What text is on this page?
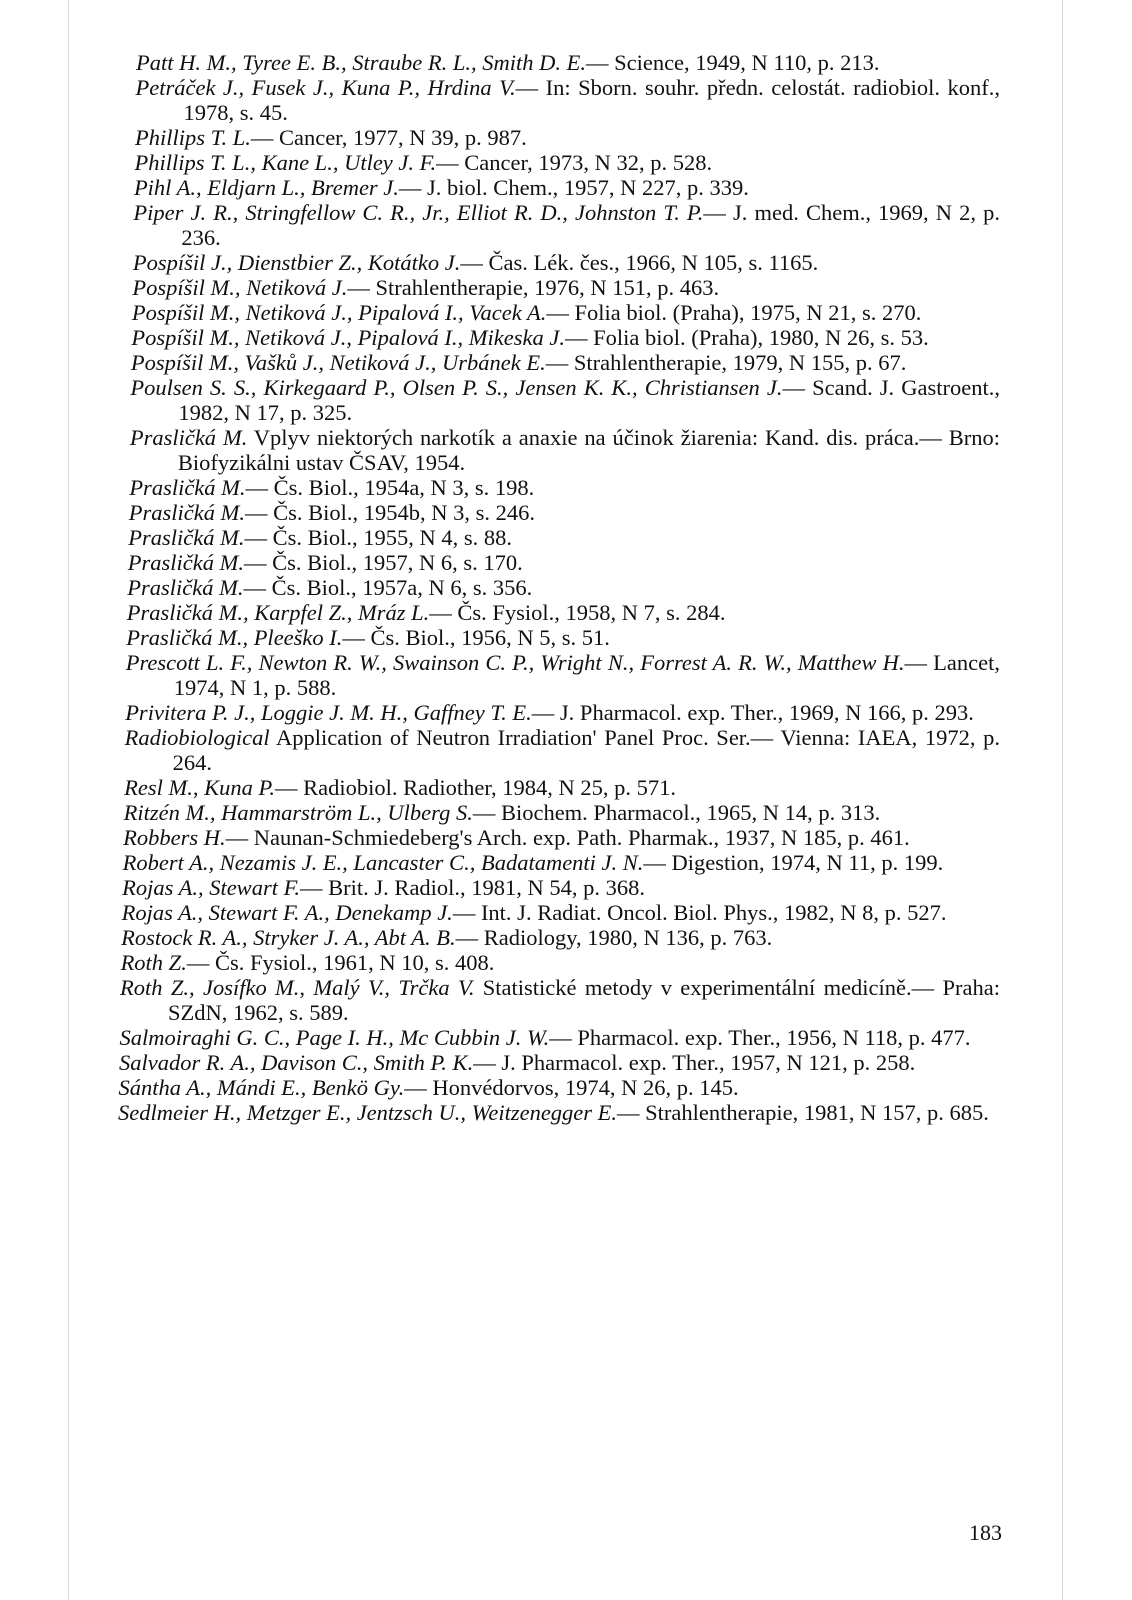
Patt H. M., Tyree E. B., Straube R. L., Smith D. E.— Science, 1949, N 110, p. 213.
Petráček J., Fusek J., Kuna P., Hrdina V.— In: Sborn. souhr. předn. celostát. radiobiol. konf., 1978, s. 45.
Phillips T. L.— Cancer, 1977, N 39, p. 987.
Phillips T. L., Kane L., Utley J. F.— Cancer, 1973, N 32, p. 528.
Pihl A., Eldjarn L., Bremer J.— J. biol. Chem., 1957, N 227, p. 339.
Piper J. R., Stringfellow C. R., Jr., Elliot R. D., Johnston T. P.— J. med. Chem., 1969, N 2, p. 236.
Pospíšil J., Dienstbier Z., Kotátko J.— Čas. Lék. čes., 1966, N 105, s. 1165.
Pospíšil M., Netiková J.— Strahlentherapie, 1976, N 151, p. 463.
Pospíšil M., Netiková J., Pipalová I., Vacek A.— Folia biol. (Praha), 1975, N 21, s. 270.
Pospíšil M., Netiková J., Pipalová I., Mikeska J.— Folia biol. (Praha), 1980, N 26, s. 53.
Pospíšil M., Vašků J., Netiková J., Urbánek E.— Strahlentherapie, 1979, N 155, p. 67.
Poulsen S. S., Kirkegaard P., Olsen P. S., Jensen K. K., Christiansen J.— Scand. J. Gastroent., 1982, N 17, p. 325.
Prasličká M. Vplyv niektorých narkotík a anaxie na účinok žiarenia: Kand. dis. práca.— Brno: Biofyzikálni ustav ČSAV, 1954.
Prasličká M.— Čs. Biol., 1954a, N 3, s. 198.
Prasličká M.— Čs. Biol., 1954b, N 3, s. 246.
Prasličká M.— Čs. Biol., 1955, N 4, s. 88.
Prasličká M.— Čs. Biol., 1957, N 6, s. 170.
Prasličká M.— Čs. Biol., 1957a, N 6, s. 356.
Prasličká M., Karpfel Z., Mráz L.— Čs. Fysiol., 1958, N 7, s. 284.
Prasličká M., Pleeško I.— Čs. Biol., 1956, N 5, s. 51.
Prescott L. F., Newton R. W., Swainson C. P., Wright N., Forrest A. R. W., Matthew H.— Lancet, 1974, N 1, p. 588.
Privitera P. J., Loggie J. M. H., Gaffney T. E.— J. Pharmacol. exp. Ther., 1969, N 166, p. 293.
Radiobiological Application of Neutron Irradiation' Panel Proc. Ser.— Vienna: IAEA, 1972, p. 264.
Resl M., Kuna P.— Radiobiol. Radiother, 1984, N 25, p. 571.
Ritzén M., Hammarström L., Ulberg S.— Biochem. Pharmacol., 1965, N 14, p. 313.
Robbers H.— Naunan-Schmiedeberg's Arch. exp. Path. Pharmak., 1937, N 185, p. 461.
Robert A., Nezamis J. E., Lancaster C., Badatamenti J. N.— Digestion, 1974, N 11, p. 199.
Rojas A., Stewart F.— Brit. J. Radiol., 1981, N 54, p. 368.
Rojas A., Stewart F. A., Denekamp J.— Int. J. Radiat. Oncol. Biol. Phys., 1982, N 8, p. 527.
Rostock R. A., Stryker J. A., Abt A. B.— Radiology, 1980, N 136, p. 763.
Roth Z.— Čs. Fysiol., 1961, N 10, s. 408.
Roth Z., Josífko M., Malý V., Trčka V. Statistické metody v experimentální medicíně.— Praha: SZdN, 1962, s. 589.
Salmoiraghi G. C., Page I. H., Mc Cubbin J. W.— Pharmacol. exp. Ther., 1956, N 118, p. 477.
Salvador R. A., Davison C., Smith P. K.— J. Pharmacol. exp. Ther., 1957, N 121, p. 258.
Sántha A., Mándi E., Benkö Gy.— Honvédorvos, 1974, N 26, p. 145.
Sedlmeier H., Metzger E., Jentzsch U., Weitzenegger E.— Strahlentherapie, 1981, N 157, p. 685.
183
